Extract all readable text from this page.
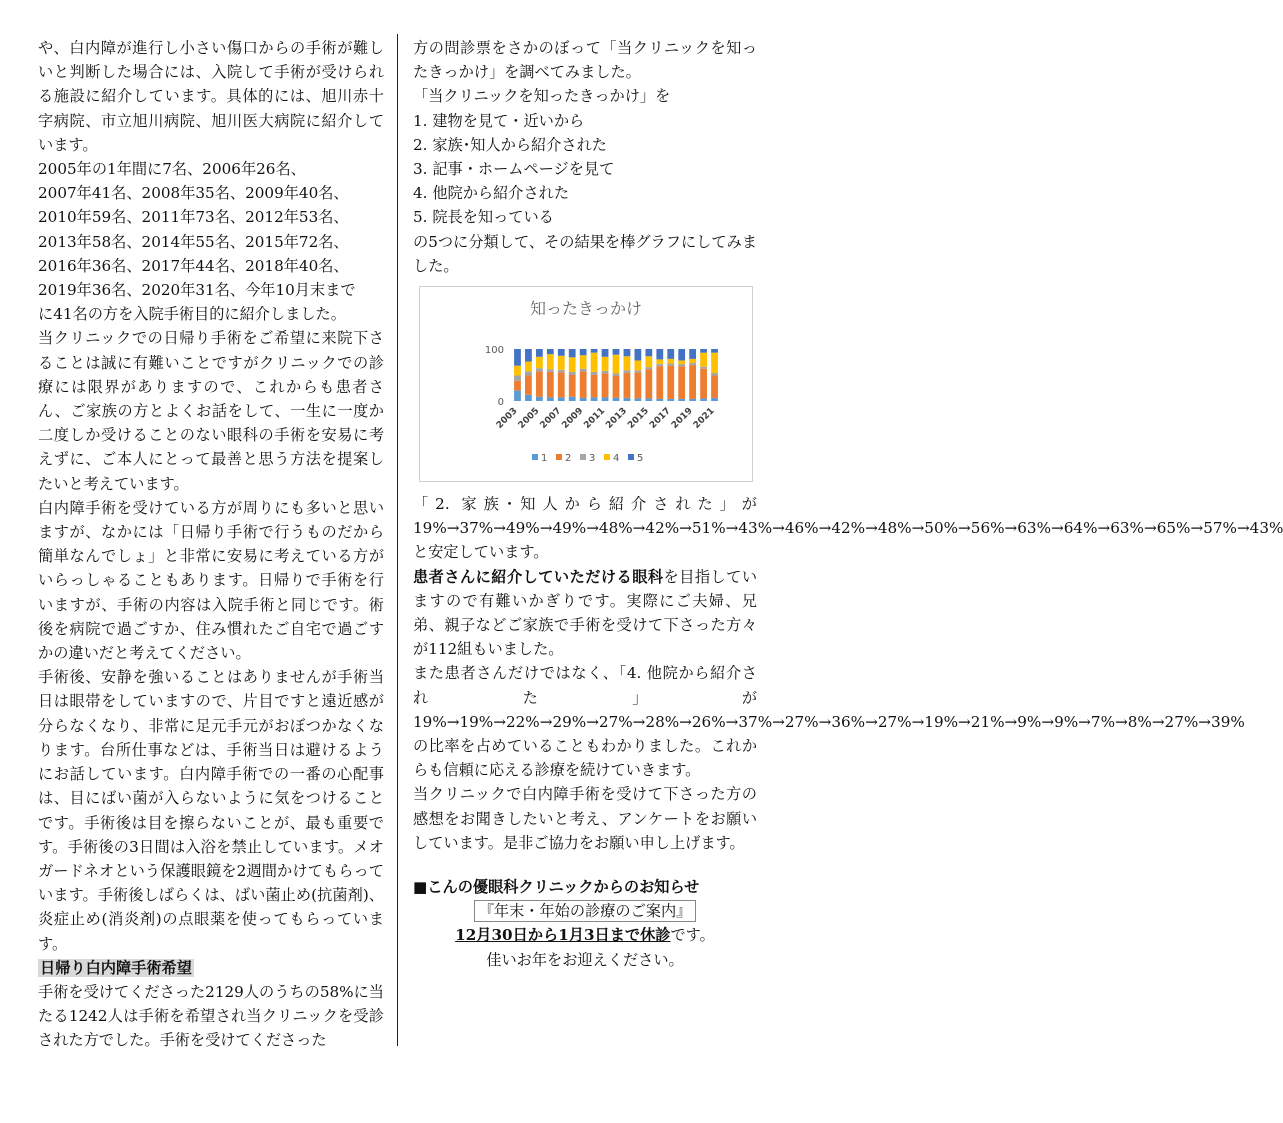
や、白内障が進行し小さい傷口からの手術が難しいと判断した場合には、入院して手術が受けられる施設に紹介しています。具体的には、旭川赤十字病院、市立旭川病院、旭川医大病院に紹介しています。

2005年の1年間に7名、2006年26名、
2007年41名、2008年35名、2009年40名、
2010年59名、2011年73名、2012年53名、
2013年58名、2014年55名、2015年72名、
2016年36名、2017年44名、2018年40名、
2019年36名、2020年31名、今年10月末まで
に41名の方を入院手術目的に紹介しました。

当クリニックでの日帰り手術をご希望に来院下さることは誠に有難いことですがクリニックでの診療には限界がありますので、これからも患者さん、ご家族の方とよくお話をして、一生に一度か二度しか受けることのない眼科の手術を安易に考えずに、ご本人にとって最善と思う方法を提案したいと考えています。

白内障手術を受けている方が周りにも多いと思いますが、なかには「日帰り手術で行うものだから簡単なんでしょ」と非常に安易に考えている方がいらっしゃることもあります。日帰りで手術を行いますが、手術の内容は入院手術と同じです。術後を病院で過ごすか、住み慣れたご自宅で過ごすかの違いだと考えてください。

手術後、安静を強いることはありませんが手術当日は眼帯をしていますので、片目ですと遠近感が分らなくなり、非常に足元手元がおぼつかなくなります。台所仕事などは、手術当日は避けるようにお話しています。白内障手術での一番の心配事は、目にばい菌が入らないように気をつけることです。手術後は目を擦らないことが、最も重要です。手術後の3日間は入浴を禁止しています。メオガードネオという保護眼鏡を2週間かけてもらっています。手術後しばらくは、ばい菌止め(抗菌剤)、炎症止め(消炎剤)の点眼薬を使ってもらっています。

日帰り白内障手術希望

手術を受けてくださった2129人のうちの58%に当たる1242人は手術を希望され当クリニックを受診された方でした。手術を受けてくださった

方の問診票をさかのぼって「当クリニックを知ったきっかけ」を調べてみました。

「当クリニックを知ったきっかけ」を

1. 建物を見て・近いから
2. 家族･知人から紹介された
3. 記事・ホームページを見て
4. 他院から紹介された
5. 院長を知っている

の5つに分類して、その結果を棒グラフにしてみました。

知ったきっかけ
0
100
2003
2005
2007
2009
2011
2013
2015
2017
2019
2021
1 2 3 4 5

「2. 家族･知人から紹介された」が 19%→37%→49%→49%→48%→42%→51%→43%→46%→42%→48%→50%→56%→63%→64%→63%→65%→57%→43%と安定しています。

患者さんに紹介していただける眼科を目指していますので有難いかぎりです。実際にご夫婦、兄弟、親子などご家族で手術を受けて下さった方々が112組もいました。

また患者さんだけではなく、「4. 他院から紹介された」が 19%→19%→22%→29%→27%→28%→26%→37%→27%→36%→27%→19%→21%→9%→9%→7%→8%→27%→39%の比率を占めていることもわかりました。これからも信頼に応える診療を続けていきます。

当クリニックで白内障手術を受けて下さった方の感想をお聞きしたいと考え、アンケートをお願いしています。是非ご協力をお願い申し上げます。

■こんの優眼科クリニックからのお知らせ

『年末・年始の診療のご案内』
12月30日から1月3日まで休診です。
佳いお年をお迎えください。
